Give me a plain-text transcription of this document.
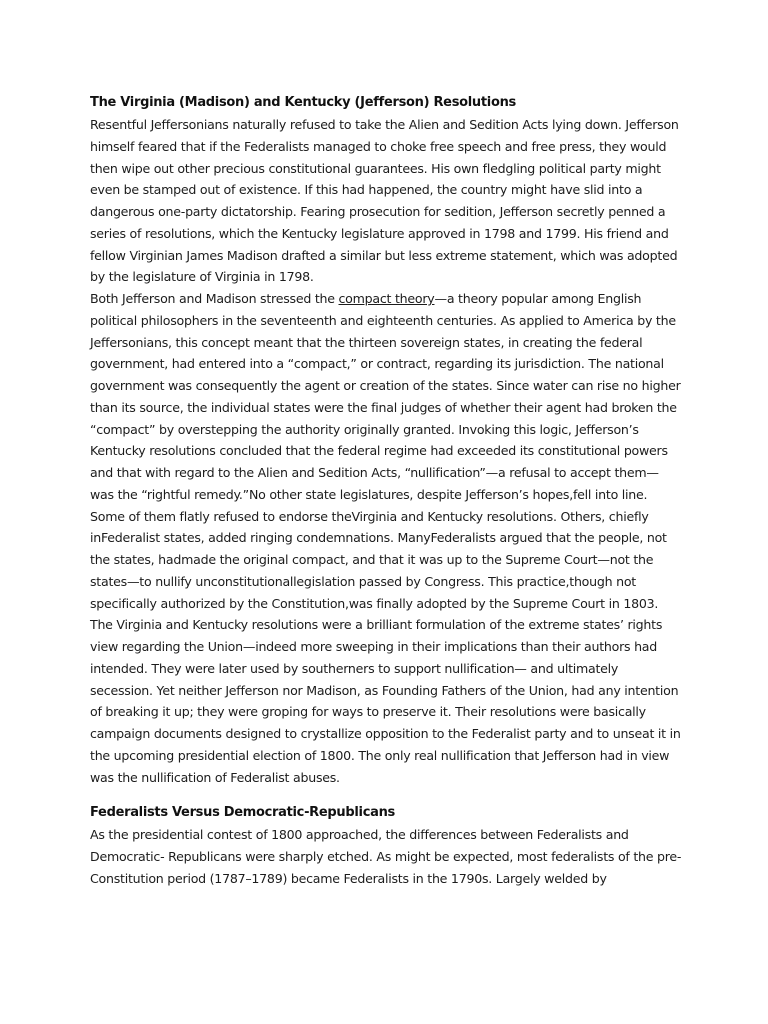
The Virginia (Madison) and Kentucky (Jefferson) Resolutions

Resentful Jeffersonians naturally refused to take the Alien and Sedition Acts lying down. Jefferson himself feared that if the Federalists managed to choke free speech and free press, they would then wipe out other precious constitutional guarantees. His own fledgling political party might even be stamped out of existence. If this had happened, the country might have slid into a dangerous one-party dictatorship. Fearing prosecution for sedition, Jefferson secretly penned a series of resolutions, which the Kentucky legislature approved in 1798 and 1799. His friend and fellow Virginian James Madison drafted a similar but less extreme statement, which was adopted by the legislature of Virginia in 1798.

Both Jefferson and Madison stressed the compact theory—a theory popular among English political philosophers in the seventeenth and eighteenth centuries. As applied to America by the Jeffersonians, this concept meant that the thirteen sovereign states, in creating the federal government, had entered into a “compact,” or contract, regarding its jurisdiction. The national government was consequently the agent or creation of the states. Since water can rise no higher than its source, the individual states were the final judges of whether their agent had broken the “compact” by overstepping the authority originally granted. Invoking this logic, Jefferson’s Kentucky resolutions concluded that the federal regime had exceeded its constitutional powers and that with regard to the Alien and Sedition Acts, “nullification”—a refusal to accept them—was the “rightful remedy.”No other state legislatures, despite Jefferson’s hopes,fell into line. Some of them flatly refused to endorse theVirginia and Kentucky resolutions. Others, chiefly inFederalist states, added ringing condemnations. ManyFederalists argued that the people, not the states, hadmade the original compact, and that it was up to the Supreme Court—not the states—to nullify unconstitutionallegislation passed by Congress. This practice,though not specifically authorized by the Constitution,was finally adopted by the Supreme Court in 1803.

The Virginia and Kentucky resolutions were a brilliant formulation of the extreme states’ rights view regarding the Union—indeed more sweeping in their implications than their authors had intended. They were later used by southerners to support nullification— and ultimately secession. Yet neither Jefferson nor Madison, as Founding Fathers of the Union, had any intention of breaking it up; they were groping for ways to preserve it. Their resolutions were basically campaign documents designed to crystallize opposition to the Federalist party and to unseat it in the upcoming presidential election of 1800. The only real nullification that Jefferson had in view was the nullification of Federalist abuses.

Federalists Versus Democratic-Republicans

As the presidential contest of 1800 approached, the differences between Federalists and Democratic- Republicans were sharply etched. As might be expected, most federalists of the pre-Constitution period (1787–1789) became Federalists in the 1790s. Largely welded by
